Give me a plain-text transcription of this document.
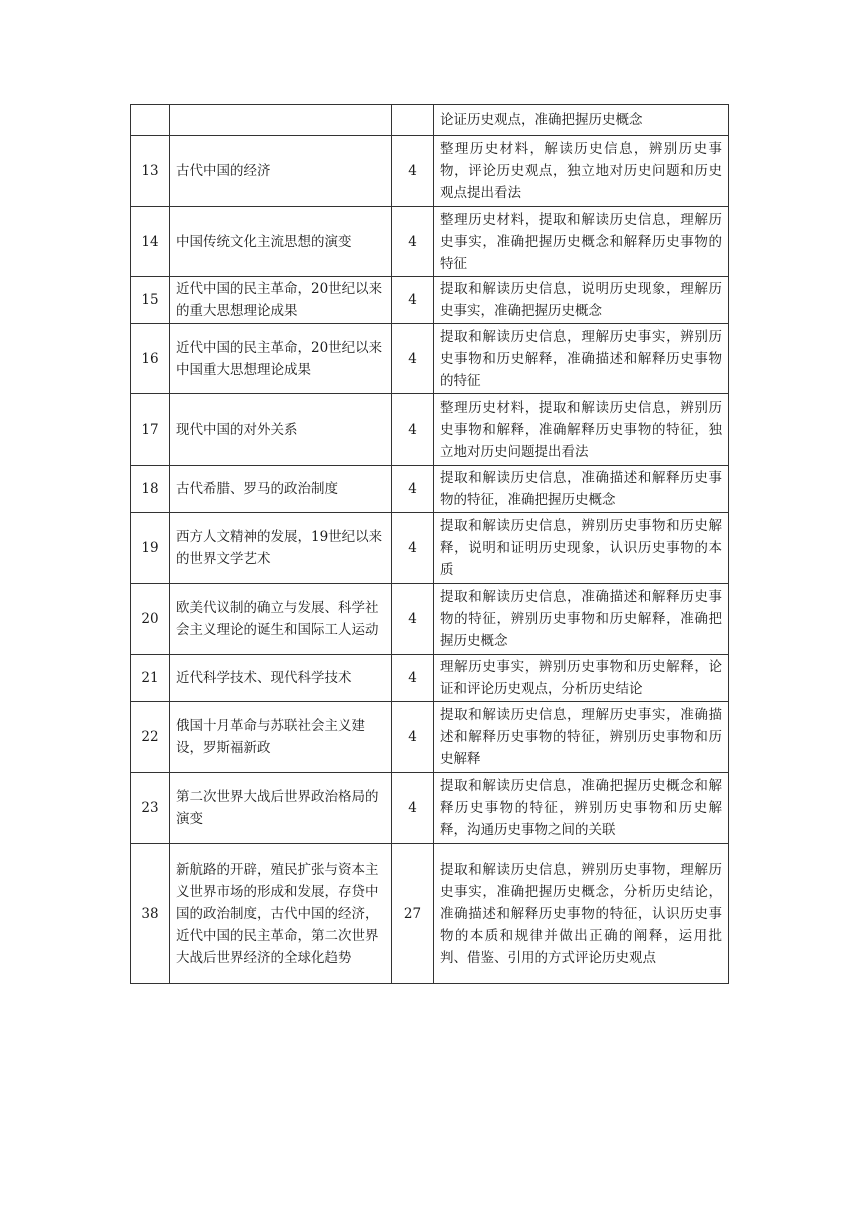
			论证历史观点，准确把握历史概念
13	古代中国的经济	4	整理历史材料，解读历史信息，辨别历史事物，评论历史观点，独立地对历史问题和历史观点提出看法
14	中国传统文化主流思想的演变	4	整理历史材料，提取和解读历史信息，理解历史事实，准确把握历史概念和解释历史事物的特征
15	近代中国的民主革命，20世纪以来的重大思想理论成果	4	提取和解读历史信息，说明历史现象，理解历史事实，准确把握历史概念
16	近代中国的民主革命，20世纪以来中国重大思想理论成果	4	提取和解读历史信息，理解历史事实，辨别历史事物和历史解释，准确描述和解释历史事物的特征
17	现代中国的对外关系	4	整理历史材料，提取和解读历史信息，辨别历史事物和解释，准确解释历史事物的特征，独立地对历史问题提出看法
18	古代希腊、罗马的政治制度	4	提取和解读历史信息，准确描述和解释历史事物的特征，准确把握历史概念
19	西方人文精神的发展，19世纪以来的世界文学艺术	4	提取和解读历史信息，辨别历史事物和历史解释，说明和证明历史现象，认识历史事物的本质
20	欧美代议制的确立与发展、科学社会主义理论的诞生和国际工人运动	4	提取和解读历史信息，准确描述和解释历史事物的特征，辨别历史事物和历史解释，准确把握历史概念
21	近代科学技术、现代科学技术	4	理解历史事实，辨别历史事物和历史解释，论证和评论历史观点，分析历史结论
22	俄国十月革命与苏联社会主义建设，罗斯福新政	4	提取和解读历史信息，理解历史事实，准确描述和解释历史事物的特征，辨别历史事物和历史解释
23	第二次世界大战后世界政治格局的演变	4	提取和解读历史信息，准确把握历史概念和解释历史事物的特征，辨别历史事物和历史解释，沟通历史事物之间的关联
38	新航路的开辟，殖民扩张与资本主义世界市场的形成和发展，存贷中国的政治制度，古代中国的经济，近代中国的民主革命，第二次世界大战后世界经济的全球化趋势	27	提取和解读历史信息，辨别历史事物，理解历史事实，准确把握历史概念，分析历史结论，准确描述和解释历史事物的特征，认识历史事物的本质和规律并做出正确的阐释，运用批判、借鉴、引用的方式评论历史观点
